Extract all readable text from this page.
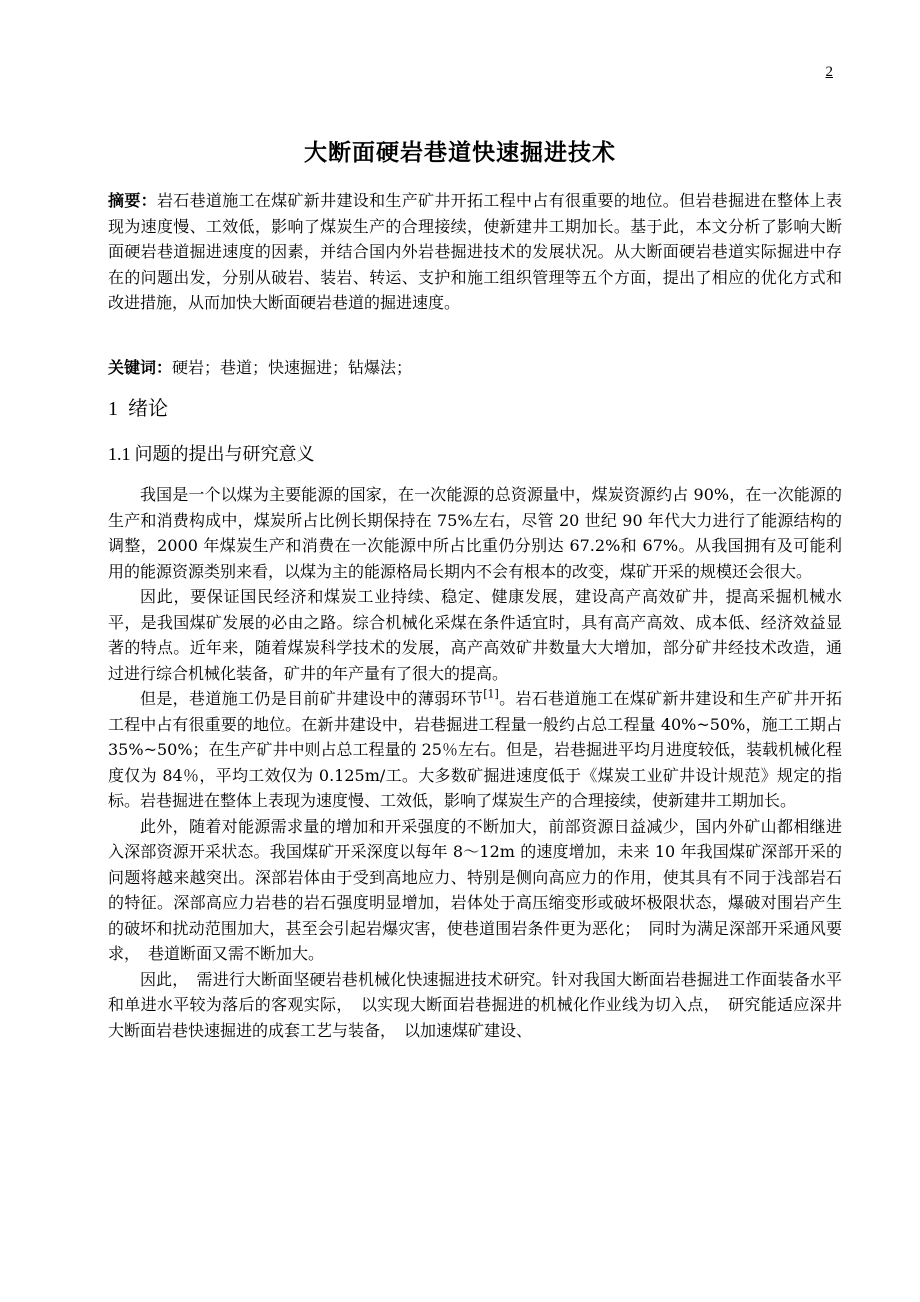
2
大断面硬岩巷道快速掘进技术
摘要：岩石巷道施工在煤矿新井建设和生产矿井开拓工程中占有很重要的地位。但岩巷掘进在整体上表现为速度慢、工效低，影响了煤炭生产的合理接续，使新建井工期加长。基于此，本文分析了影响大断面硬岩巷道掘进速度的因素，并结合国内外岩巷掘进技术的发展状况。从大断面硬岩巷道实际掘进中存在的问题出发，分别从破岩、装岩、转运、支护和施工组织管理等五个方面，提出了相应的优化方式和改进措施，从而加快大断面硬岩巷道的掘进速度。
关键词：硬岩；巷道；快速掘进；钻爆法；
1 绪论
1.1 问题的提出与研究意义

我国是一个以煤为主要能源的国家，在一次能源的总资源量中，煤炭资源约占 90%，在一次能源的生产和消费构成中，煤炭所占比例长期保持在 75%左右，尽管 20 世纪 90 年代大力进行了能源结构的调整，2000 年煤炭生产和消费在一次能源中所占比重仍分别达 67.2%和 67%。从我国拥有及可能利用的能源资源类别来看，以煤为主的能源格局长期内不会有根本的改变，煤矿开采的规模还会很大。

因此，要保证国民经济和煤炭工业持续、稳定、健康发展，建设高产高效矿井，提高采掘机械水平，是我国煤矿发展的必由之路。综合机械化采煤在条件适宜时，具有高产高效、成本低、经济效益显著的特点。近年来，随着煤炭科学技术的发展，高产高效矿井数量大大增加，部分矿井经技术改造，通过进行综合机械化装备，矿井的年产量有了很大的提高。

但是，巷道施工仍是目前矿井建设中的薄弱环节[1]。岩石巷道施工在煤矿新井建设和生产矿井开拓工程中占有很重要的地位。在新井建设中，岩巷掘进工程量一般约占总工程量 40%~50%，施工工期占 35%~50%；在生产矿井中则占总工程量的 25％左右。但是，岩巷掘进平均月进度较低，装载机械化程度仅为 84％，平均工效仅为 0.125m/工。大多数矿掘进速度低于《煤炭工业矿井设计规范》规定的指标。岩巷掘进在整体上表现为速度慢、工效低，影响了煤炭生产的合理接续，使新建井工期加长。

此外，随着对能源需求量的增加和开采强度的不断加大，前部资源日益减少，国内外矿山都相继进入深部资源开采状态。我国煤矿开采深度以每年 8～12m 的速度增加，未来 10 年我国煤矿深部开采的问题将越来越突出。深部岩体由于受到高地应力、特别是侧向高应力的作用，使其具有不同于浅部岩石的特征。深部高应力岩巷的岩石强度明显增加，岩体处于高压缩变形或破坏极限状态，爆破对围岩产生的破坏和扰动范围加大，甚至会引起岩爆灾害，使巷道围岩条件更为恶化；　同时为满足深部开采通风要求，　巷道断面又需不断加大。

因此，　需进行大断面坚硬岩巷机械化快速掘进技术研究。针对我国大断面岩巷掘进工作面装备水平和单进水平较为落后的客观实际，　以实现大断面岩巷掘进的机械化作业线为切入点，　研究能适应深井大断面岩巷快速掘进的成套工艺与装备，　以加速煤矿建设、
